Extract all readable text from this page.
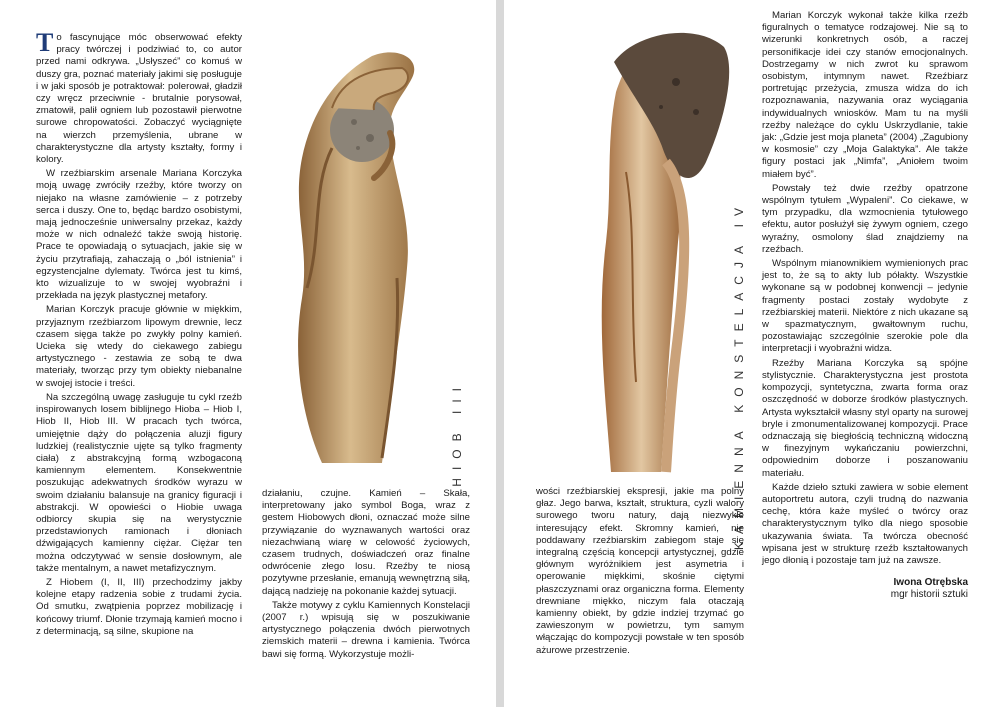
To fascynujące móc obserwować efekty pracy twórczej i podziwiać to, co autor przed nami odkrywa. „Usłyszeć” co komuś w duszy gra, poznać materiały jakimi się posługuje i w jaki sposób je potraktował: polerował, gładził czy wręcz przeciwnie - brutalnie porysował, zmatowił, palił ogniem lub pozostawił pierwotne surowe chropowatości. Zobaczyć wyciągnięte na wierzch przemyślenia, ubrane w charakterystyczne dla artysty kształty, formy i kolory.

W rzeźbiarskim arsenale Mariana Korczyka moją uwagę zwróciły rzeźby, które tworzy on niejako na własne zamówienie – z potrzeby serca i duszy. One to, będąc bardzo osobistymi, mają jednocześnie uniwersalny przekaz, każdy może w nich odnaleźć także swoją historię. Prace te opowiadają o sytuacjach, jakie się w życiu przytrafiają, zahaczają o „ból istnienia” i egzystencjalne dylematy. Twórca jest tu kimś, kto wizualizuje to w swojej wyobraźni i przekłada na język plastycznej metafory.

Marian Korczyk pracuje głównie w miękkim, przyjaznym rzeźbiarzom lipowym drewnie, lecz czasem sięga także po zwykły polny kamień. Ucieka się wtedy do ciekawego zabiegu artystycznego - zestawia ze sobą te dwa materiały, tworząc przy tym obiekty niebanalne w swojej istocie i treści.

Na szczególną uwagę zasługuje tu cykl rzeźb inspirowanych losem biblijnego Hioba – Hiob I, Hiob II, Hiob III. W pracach tych twórca, umiejętnie dąży do połączenia aluzji figury ludzkiej (realistycznie ujęte są tylko fragmenty ciała) z abstrakcyjną formą wzbogaconą kamiennym elementem. Konsekwentnie poszukując adekwatnych środków wyrazu w swoim działaniu balansuje na granicy figuracji i abstrakcji. W opowieści o Hiobie uwaga odbiorcy skupia się na werystycznie przedstawionych ramionach i dłoniach dźwigających kamienny ciężar. Ciężar ten można odczytywać w sensie dosłownym, ale także mentalnym, a nawet metafizycznym.

Z Hiobem (I, II, III) przechodzimy jakby kolejne etapy radzenia sobie z trudami życia. Od smutku, zwątpienia poprzez mobilizację i końcowy triumf. Dłonie trzymają kamień mocno i z determinacją, są silne, skupione na

HIOB III

działaniu, czujne. Kamień – Skała, interpretowany jako symbol Boga, wraz z gestem Hiobowych dłoni, oznaczać może silne przywiązanie do wyznawanych wartości oraz niezachwianą wiarę w celowość życiowych, czasem trudnych, doświadczeń oraz finalne odwrócenie złego losu. Rzeźby te niosą pozytywne przesłanie, emanują wewnętrzną siłą, dającą nadzieję na pokonanie każdej sytuacji.

Także motywy z cyklu Kamiennych Konstelacji (2007 r.) wpisują się w poszukiwanie artystycznego połączenia dwóch pierwotnych ziemskich materii – drewna i kamienia. Twórca bawi się formą. Wykorzystuje możli-

KAMIENNA KONSTELACJA IV

wości rzeźbiarskiej ekspresji, jakie ma polny głaz. Jego barwa, kształt, struktura, cyzli walory surowego tworu natury, dają niezwykle interesujący efekt. Skromny kamień, nie poddawany rzeźbiarskim zabiegom staje się integralną częścią koncepcji artystycznej, gdzie głównym wyróżnikiem jest asymetria i operowanie miękkimi, skośnie ciętymi płaszczyznami oraz organiczna forma. Elementy drewniane miękko, niczym fala otaczają kamienny obiekt, by gdzie indziej trzymać go zawieszonym w powietrzu, tym samym włączając do kompozycji powstałe w ten sposób ażurowe przestrzenie.

Marian Korczyk wykonał także kilka rzeźb figuralnych o tematyce rodzajowej. Nie są to wizerunki konkretnych osób, a raczej personifikacje idei czy stanów emocjonalnych. Dostrzegamy w nich zwrot ku sprawom osobistym, intymnym nawet. Rzeźbiarz portretując przeżycia, zmusza widza do ich rozpoznawania, nazywania oraz wyciągania indywidualnych wniosków. Mam tu na myśli rzeźby należące do cyklu Uskrzydlanie, takie jak: „Gdzie jest moja planeta” (2004) „Zagubiony w kosmosie” czy „Moja Galaktyka”. Ale także figury postaci jak „Nimfa”, „Aniołem twoim miałem być”.

Powstały też dwie rzeźby opatrzone wspólnym tytułem „Wypaleni”. Co ciekawe, w tym przypadku, dla wzmocnienia tytułowego efektu, autor posłużył się żywym ogniem, czego wyraźny, osmolony ślad znajdziemy na rzeźbach.

Wspólnym mianownikiem wymienionych prac jest to, że są to akty lub półakty. Wszystkie wykonane są w podobnej konwencji – jedynie fragmenty postaci zostały wydobyte z rzeźbiarskiej materii. Niektóre z nich ukazane są w spazmatycznym, gwałtownym ruchu, pozostawiając szczególnie szerokie pole dla interpretacji i wyobraźni widza.

Rzeźby Mariana Korczyka są spójne stylistycznie. Charakterystyczna jest prostota kompozycji, syntetyczna, zwarta forma oraz oszczędność w doborze środków plastycznych. Artysta wykształcił własny styl oparty na surowej bryle i zmonumentalizowanej kompozycji. Prace odznaczają się biegłością techniczną widoczną w finezyjnym wykańczaniu powierzchni, odpowiednim doborze i poszanowaniu materiału.

Każde dzieło sztuki zawiera w sobie element autoportretu autora, czyli trudną do nazwania cechę, która każe myśleć o twórcy oraz charakterystycznym tylko dla niego sposobie ukazywania świata. Ta twórcza obecność wpisana jest w strukturę rzeźb kształtowanych jego dłonią i pozostaje tam już na zawsze.

Iwona Otrębska
mgr historii sztuki
